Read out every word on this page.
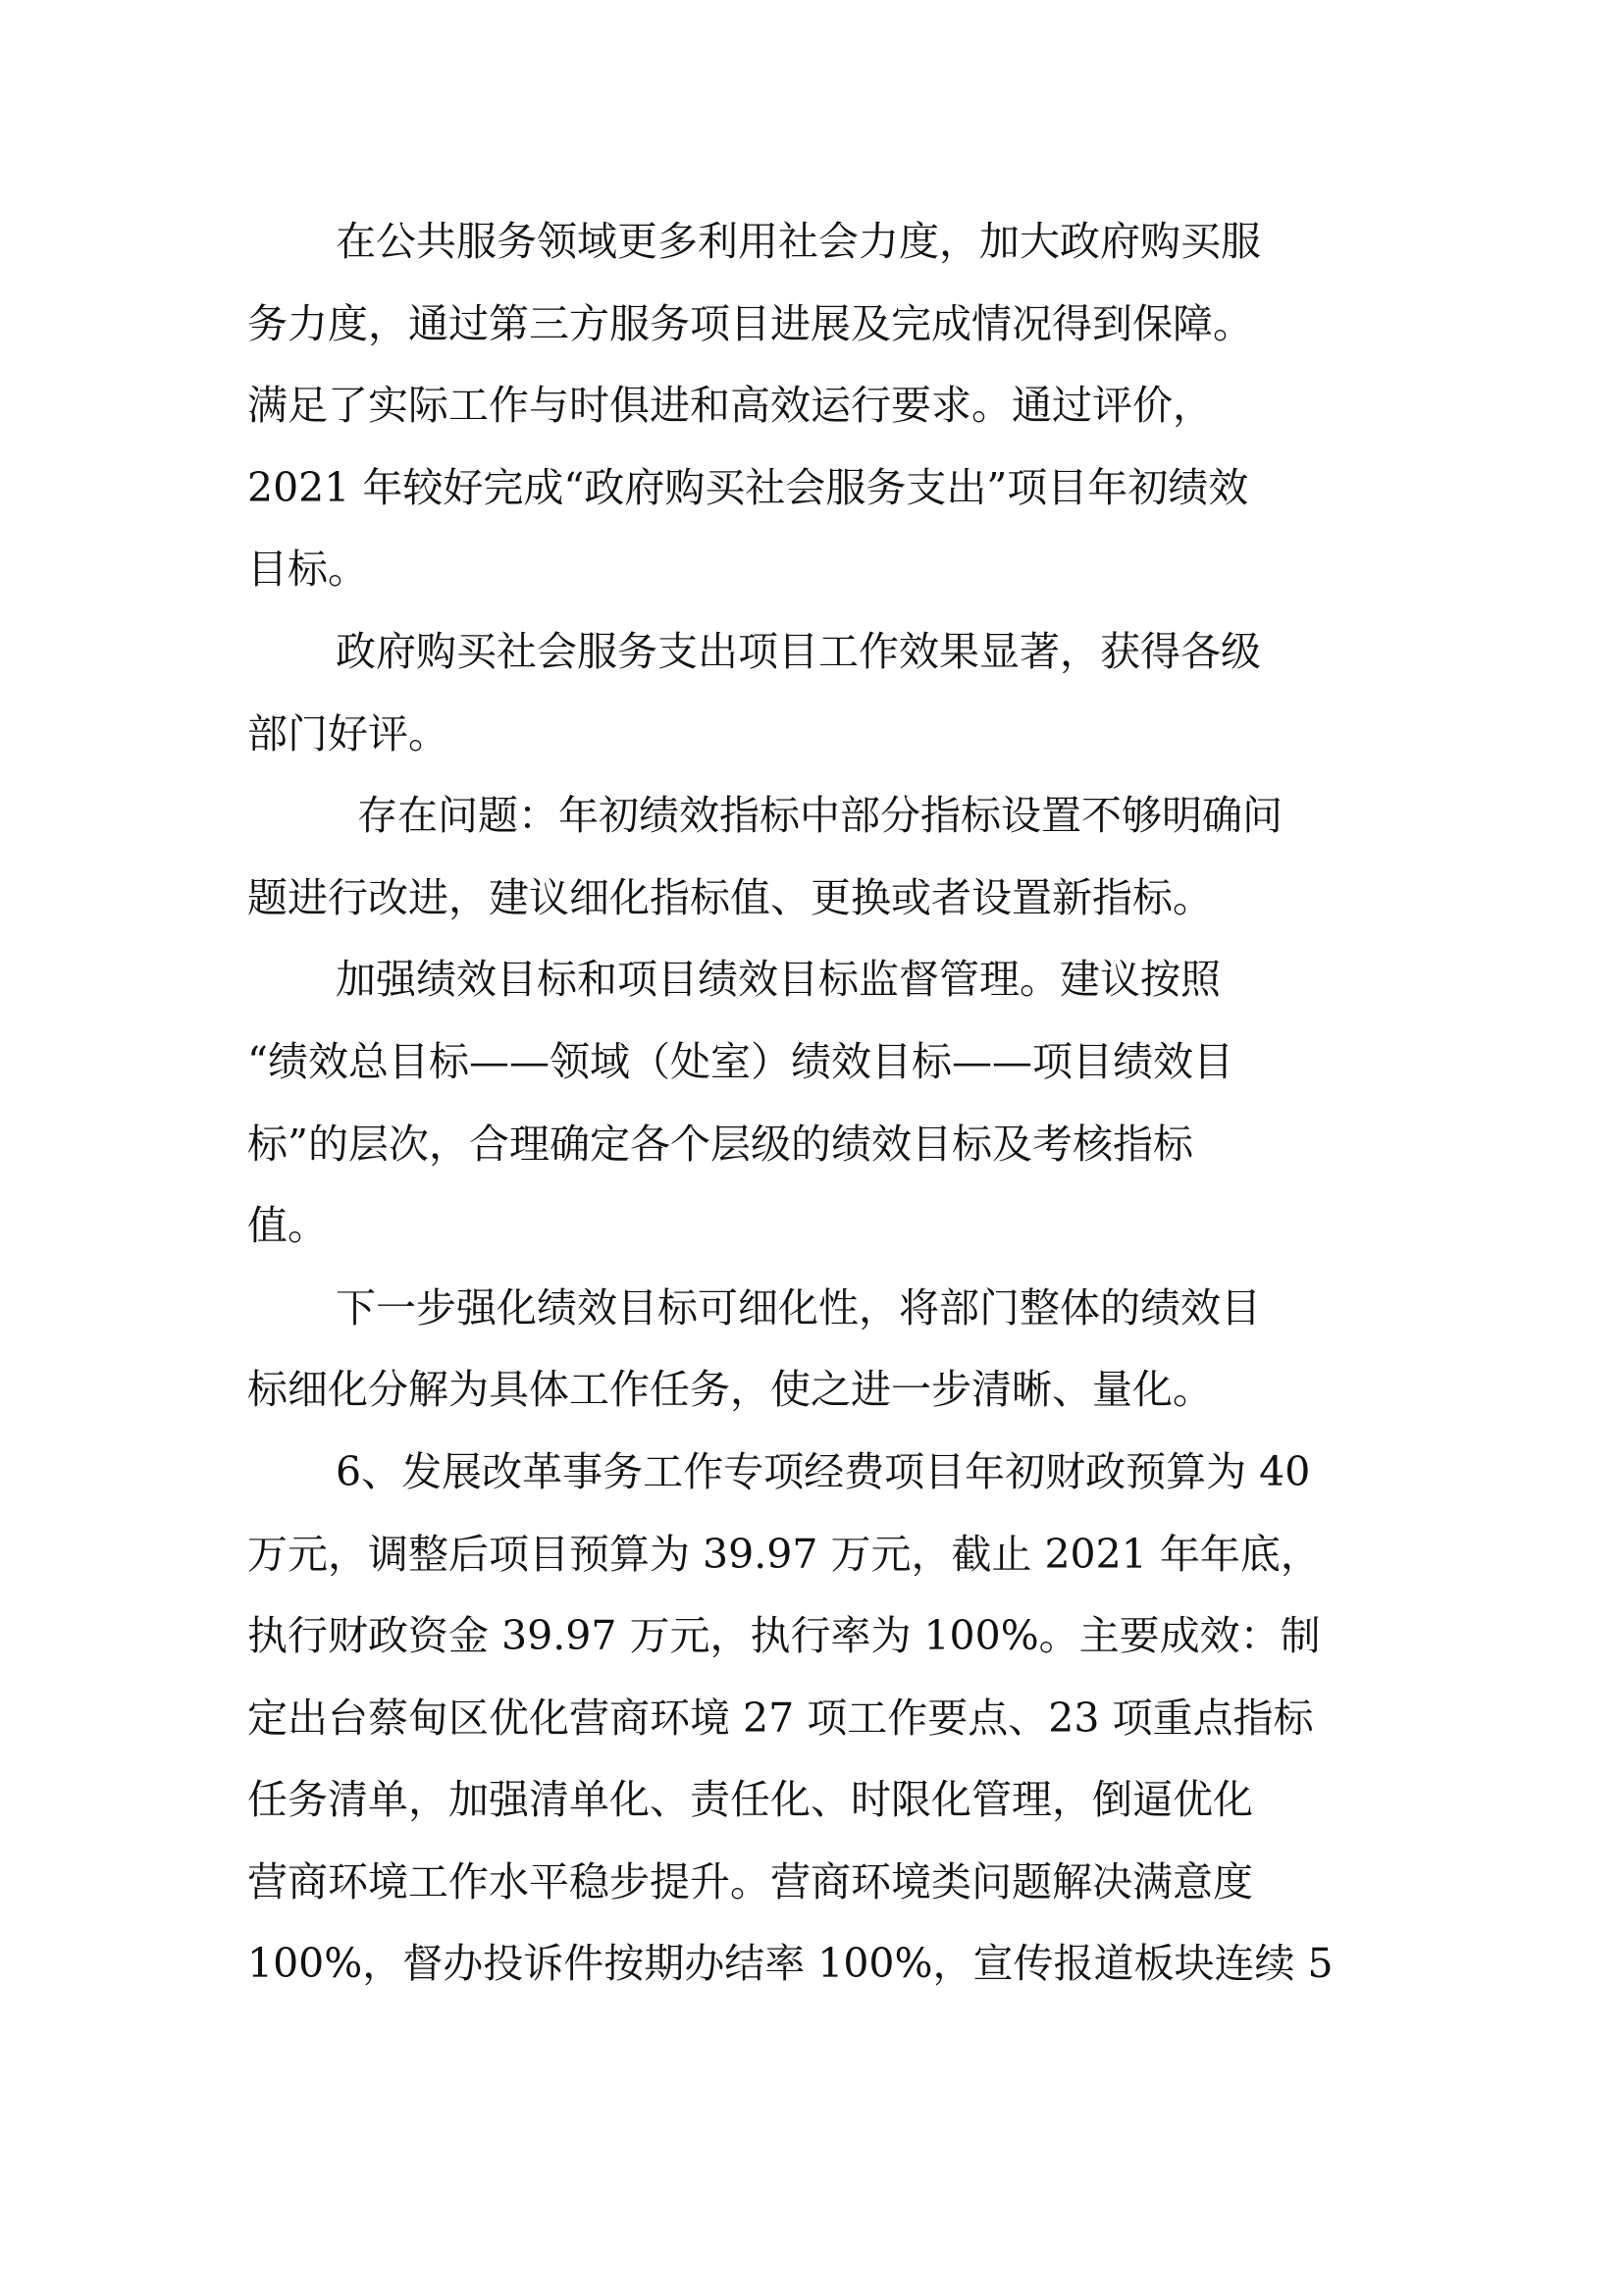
在公共服务领域更多利用社会力度，加大政府购买服
务力度，通过第三方服务项目进展及完成情况得到保障。
满足了实际工作与时俱进和高效运行要求。通过评价，
2021 年较好完成“政府购买社会服务支出”项目年初绩效
目标。
政府购买社会服务支出项目工作效果显著，获得各级
部门好评。
存在问题：年初绩效指标中部分指标设置不够明确问
题进行改进，建议细化指标值、更换或者设置新指标。
加强绩效目标和项目绩效目标监督管理。建议按照
“绩效总目标——领域（处室）绩效目标——项目绩效目
标”的层次，合理确定各个层级的绩效目标及考核指标
值。
下一步强化绩效目标可细化性，将部门整体的绩效目
标细化分解为具体工作任务，使之进一步清晰、量化。
6、发展改革事务工作专项经费项目年初财政预算为 40
万元，调整后项目预算为 39.97 万元，截止 2021 年年底，
执行财政资金 39.97 万元，执行率为 100%。主要成效：制
定出台蔡甸区优化营商环境 27 项工作要点、23 项重点指标
任务清单，加强清单化、责任化、时限化管理，倒逼优化
营商环境工作水平稳步提升。营商环境类问题解决满意度
100%，督办投诉件按期办结率 100%，宣传报道板块连续 5
